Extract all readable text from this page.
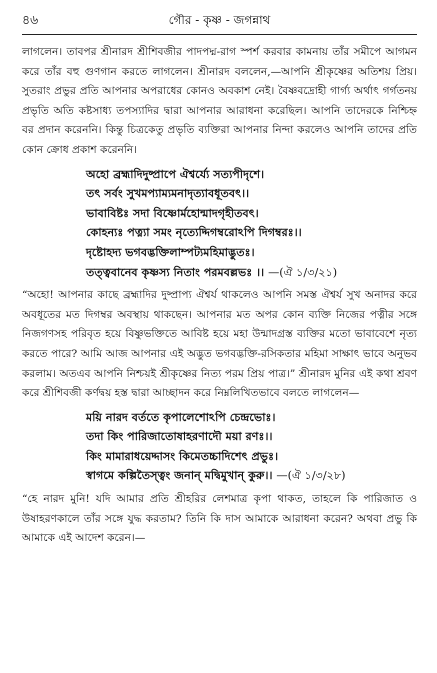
৪৬	গৌর - কৃষ্ণ - জগন্নাথ

লাগলেন। তাবপর শ্রীনারদ শ্রীশিবজীর পাদপদ্ম-রাগ স্পর্শ করবার কামনায় তাঁর সমীপে আগমন করে তাঁর বহু গুণগান করতে লাগলেন। শ্রীনারদ বললেন,—আপনি শ্রীকৃষ্ণের অতিশয় প্রিয়। সুতরাং প্রভুর প্রতি আপনার অপরাধের কোনও অবকাশ নেই। বৈষ্ণবদ্রোহী গার্গ্য অর্থাৎ গর্গতনয় প্রভৃতি অতি কষ্টসাধ্য তপস্যাদির দ্বারা আপনার আরাধনা করেছিল। আপনি তাদেরকে নিশ্চিহ্ন বর প্রদান করেননি। কিন্তু চিত্রকেতু প্রভৃতি ব্যক্তিরা আপনার নিন্দা করলেও আপনি তাদের প্রতি কোন ক্রোধ প্রকাশ করেননি।

অহো ব্রহ্মাদিদুষ্প্রাপে ঐশ্বর্য্যে সত্যপীদৃশে।
তৎ সর্বং সুখমপ্যাম্যমনাদৃত্যাবধূতবৎ।।
ভাবাবিষ্টঃ সদা বিষ্ণোর্মহোন্মাদগৃহীতবৎ।
কোহন্যঃ পত্ন্যা সমং নৃত্যেদ্দিগম্বরোঽপি দিগম্বরঃ।।
দৃষ্টোহদ্য ভগবদ্ভক্তিলাম্পট্যমহিমাদ্ভুতঃ।
তত্ত্ববানেব কৃষ্ণস্য নিতাং পরমবল্লভঃ ।। —(ঐ ১/৩/২১)

“অহো! আপনার কাছে ব্রহ্মাদির দুষ্প্রাপ্য ঐশ্বর্য থাকলেও আপনি সমস্ত ঐশ্বর্য সুখ অনাদর করে অবধূতের মত দিগম্বর অবস্থায় থাকছেন। আপনার মত অপর কোন ব্যক্তি নিজের পত্নীর সঙ্গে নিজগণসহ পরিবৃত হয়ে বিষ্ণুভক্তিতে আবিষ্ট হয়ে মহা উন্মাদগ্রস্ত ব্যক্তির মতো ভাবাবেশে নৃত্য করতে পারে? আমি আজ আপনার এই অদ্ভুত ভগবদ্ভক্তি-রসিকতার মহিমা সাক্ষাৎ ভাবে অনুভব করলাম। অতএব আপনি নিশ্চয়ই শ্রীকৃষ্ণের নিত্য পরম প্রিয় পাত্র।” শ্রীনারদ মুনির এই কথা শ্রবণ করে শ্রীশিবজী কর্ণদ্বয় হস্ত দ্বারা আচ্ছাদন করে নিম্নলিখিতভাবে বলতে লাগলেন—

ময়ি নারদ বর্ততে কৃপালেশোঽপি চেন্দ্রভোঃ।
তদা কিং পারিজাতোষাহরণাদৌ ময়া রণঃ।।
কিং মামারাধয়েদ্দাসং কিমেতচ্চাদিশেৎ প্রভুঃ।
স্বাগমে কল্পিতৈস্ত্বং জনান্ মদ্বিমুখান্ কুরু।। —(ঐ ১/৩/২৮)

“হে নারদ মুনি! যদি আমার প্রতি শ্রীহরির লেশমাত্র কৃপা থাকত, তাহলে কি পারিজাত ও উষাহরণকালে তাঁর সঙ্গে যুদ্ধ করতাম? তিনি কি দাস আমাকে আরাধনা করেন? অথবা প্রভু কি আমাকে এই আদেশ করেন।—
